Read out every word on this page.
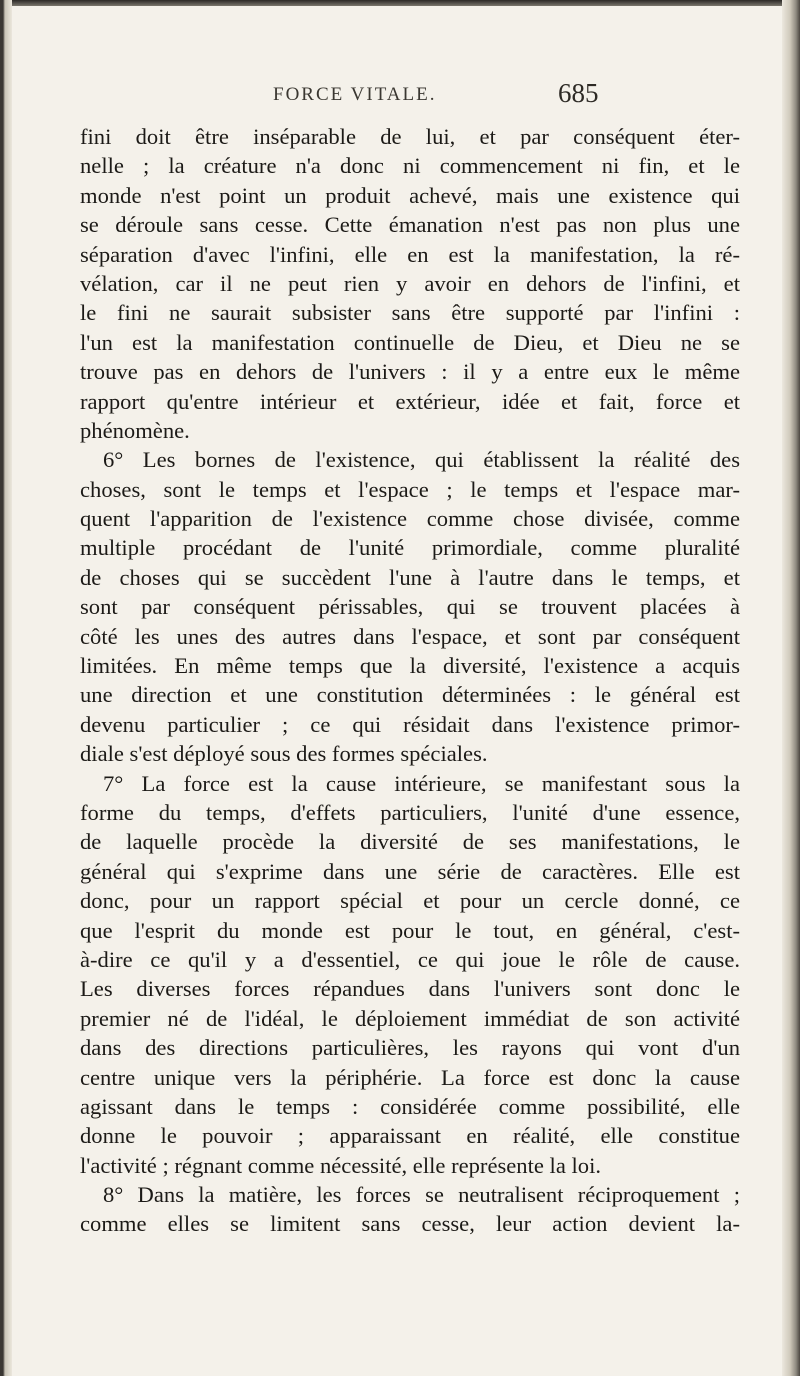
FORCE VITALE.	685
fini doit être inséparable de lui, et par conséquent éter-
nelle ; la créature n'a donc ni commencement ni fin, et le
monde n'est point un produit achevé, mais une existence qui
se déroule sans cesse. Cette émanation n'est pas non plus une
séparation d'avec l'infini, elle en est la manifestation, la ré-
vélation, car il ne peut rien y avoir en dehors de l'infini, et
le fini ne saurait subsister sans être supporté par l'infini :
l'un est la manifestation continuelle de Dieu, et Dieu ne se
trouve pas en dehors de l'univers : il y a entre eux le même
rapport qu'entre intérieur et extérieur, idée et fait, force et
phénomène.
6° Les bornes de l'existence, qui établissent la réalité des
choses, sont le temps et l'espace ; le temps et l'espace mar-
quent l'apparition de l'existence comme chose divisée, comme
multiple procédant de l'unité primordiale, comme pluralité
de choses qui se succèdent l'une à l'autre dans le temps, et
sont par conséquent périssables, qui se trouvent placées à
côté les unes des autres dans l'espace, et sont par conséquent
limitées. En même temps que la diversité, l'existence a acquis
une direction et une constitution déterminées : le général est
devenu particulier ; ce qui résidait dans l'existence primor-
diale s'est déployé sous des formes spéciales.
7° La force est la cause intérieure, se manifestant sous la
forme du temps, d'effets particuliers, l'unité d'une essence,
de laquelle procède la diversité de ses manifestations, le
général qui s'exprime dans une série de caractères. Elle est
donc, pour un rapport spécial et pour un cercle donné, ce
que l'esprit du monde est pour le tout, en général, c'est-
à-dire ce qu'il y a d'essentiel, ce qui joue le rôle de cause.
Les diverses forces répandues dans l'univers sont donc le
premier né de l'idéal, le déploiement immédiat de son activité
dans des directions particulières, les rayons qui vont d'un
centre unique vers la périphérie. La force est donc la cause
agissant dans le temps : considérée comme possibilité, elle
donne le pouvoir ; apparaissant en réalité, elle constitue
l'activité ; régnant comme nécessité, elle représente la loi.
8° Dans la matière, les forces se neutralisent réciproquement ;
comme elles se limitent sans cesse, leur action devient la-
